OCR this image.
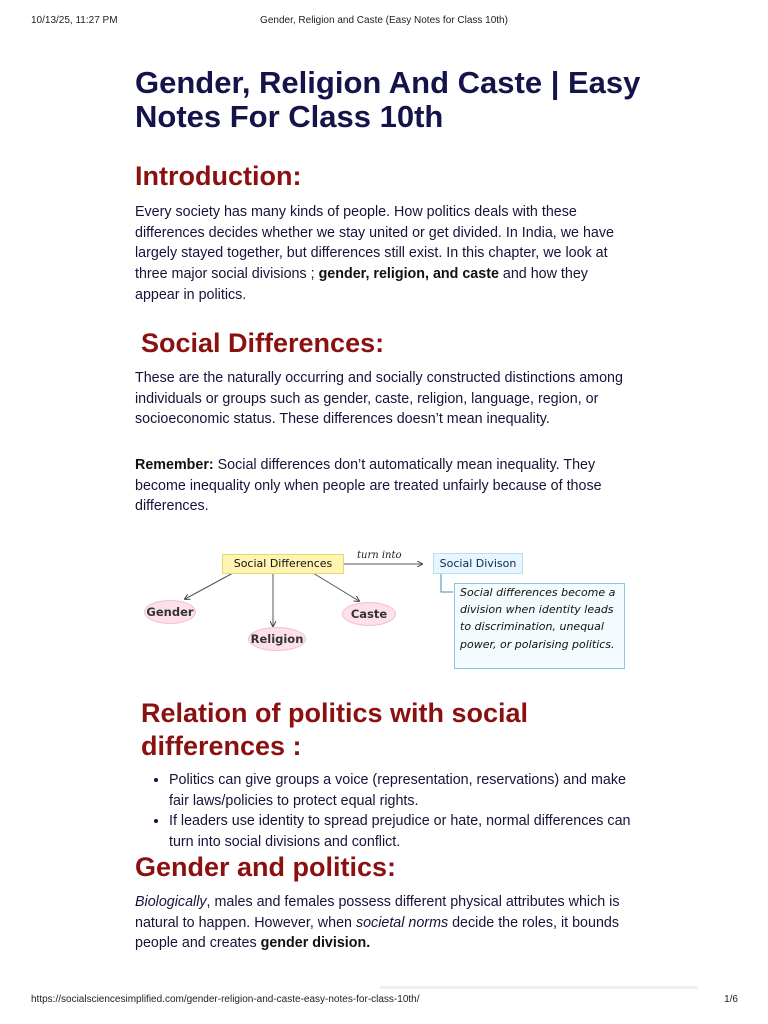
10/13/25, 11:27 PM	Gender, Religion and Caste (Easy Notes for Class 10th)
Gender, Religion And Caste | Easy Notes For Class 10th
Introduction:

Every society has many kinds of people. How politics deals with these differences decides whether we stay united or get divided. In India, we have largely stayed together, but differences still exist. In this chapter, we look at three major social divisions ; gender, religion, and caste and how they appear in politics.

Social Differences:

These are the naturally occurring and socially constructed distinctions among individuals or groups such as gender, caste, religion, language, region, or socioeconomic status. These differences doesn’t mean inequality.

Remember: Social differences don’t automatically mean inequality. They become inequality only when people are treated unfairly because of those differences.

Relation of politics with social differences :
• Politics can give groups a voice (representation, reservations) and make fair laws/policies to protect equal rights.
• If leaders use identity to spread prejudice or hate, normal differences can turn into social divisions and conflict.
Gender and politics:

Biologically, males and females possess different physical attributes which is natural to happen. However, when societal norms decide the roles, it bounds people and creates gender division.

Social Differences
turn into
Social Divison
Social differences become a division when identity leads to discrimination, unequal power, or polarising politics.
Gender
Religion
Caste
https://socialsciencesimplified.com/gender-religion-and-caste-easy-notes-for-class-10th/	1/6
